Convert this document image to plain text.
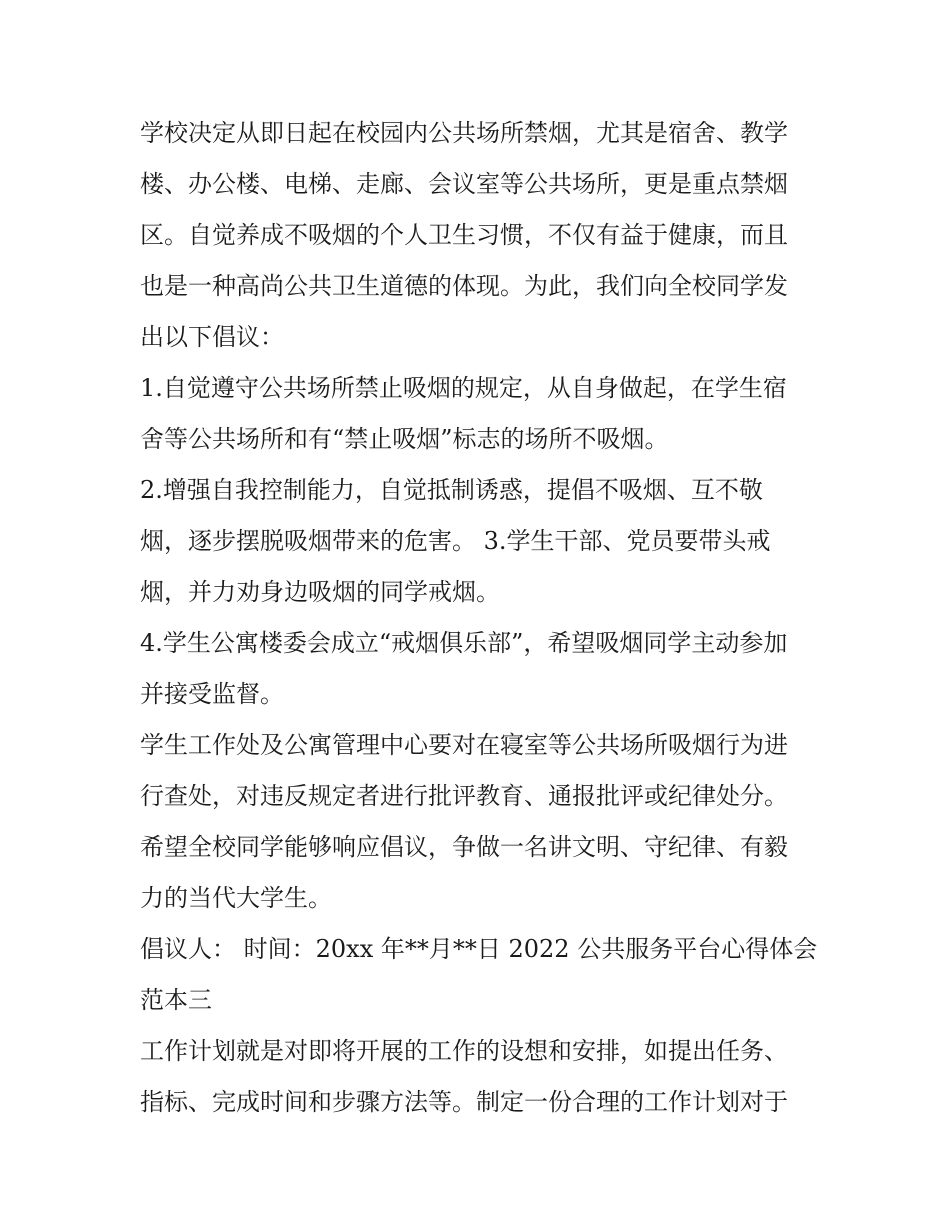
学校决定从即日起在校园内公共场所禁烟，尤其是宿舍、教学
楼、办公楼、电梯、走廊、会议室等公共场所，更是重点禁烟
区。自觉养成不吸烟的个人卫生习惯，不仅有益于健康，而且
也是一种高尚公共卫生道德的体现。为此，我们向全校同学发
出以下倡议：
1.自觉遵守公共场所禁止吸烟的规定，从自身做起，在学生宿
舍等公共场所和有“禁止吸烟”标志的场所不吸烟。
2.增强自我控制能力，自觉抵制诱惑，提倡不吸烟、互不敬
烟，逐步摆脱吸烟带来的危害。 3.学生干部、党员要带头戒
烟，并力劝身边吸烟的同学戒烟。
4.学生公寓楼委会成立“戒烟俱乐部”，希望吸烟同学主动参加
并接受监督。
学生工作处及公寓管理中心要对在寝室等公共场所吸烟行为进
行查处，对违反规定者进行批评教育、通报批评或纪律处分。
希望全校同学能够响应倡议，争做一名讲文明、守纪律、有毅
力的当代大学生。
倡议人： 时间：20xx 年**月**日 2022 公共服务平台心得体会
范本三
工作计划就是对即将开展的工作的设想和安排，如提出任务、
指标、完成时间和步骤方法等。制定一份合理的工作计划对于
